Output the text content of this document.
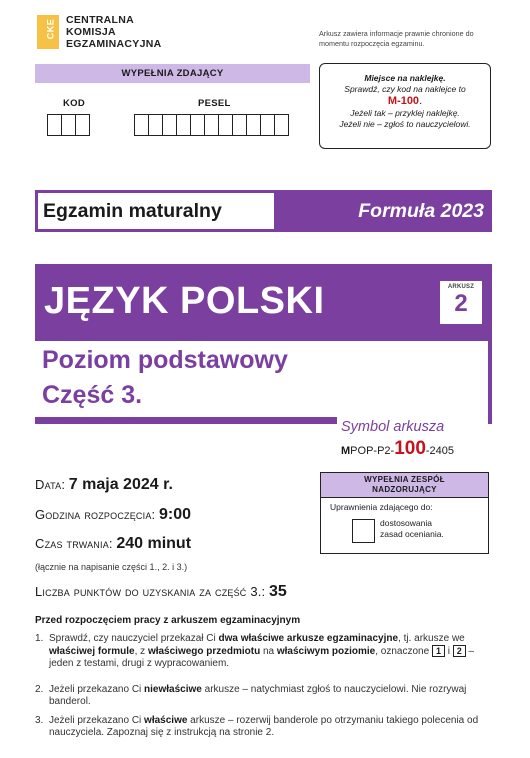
CKE CENTRALNA
KOMISJA
EGZAMINACYJNA
Arkusz zawiera informacje prawnie chronione do momentu rozpoczęcia egzaminu.
WYPEŁNIA ZDAJĄCY
KOD	PESEL
Miejsce na naklejkę.
Sprawdź, czy kod na naklejce to
M-100.
Jeżeli tak – przyklej naklejkę.
Jeżeli nie – zgłoś to nauczycielowi.
Egzamin maturalny	Formuła 2023
JĘZYK POLSKI	ARKUSZ
2
Poziom podstawowy
Część 3.
Symbol arkusza
MPOP-P2-100-2405
Data: 7 maja 2024 r.
Godzina rozpoczęcia: 9:00
Czas trwania: 240 minut
(łącznie na napisanie części 1., 2. i 3.)
Liczba punktów do uzyskania za część 3.: 35
WYPEŁNIA ZESPÓŁ
NADZORUJĄCY
Uprawnienia zdającego do:
dostosowania
zasad oceniania.
Przed rozpoczęciem pracy z arkuszem egzaminacyjnym
1. Sprawdź, czy nauczyciel przekazał Ci dwa właściwe arkusze egzaminacyjne, tj. arkusze we właściwej formule, z właściwego przedmiotu na właściwym poziomie, oznaczone 1 i 2 – jeden z testami, drugi z wypracowaniem.
2. Jeżeli przekazano Ci niewłaściwe arkusze – natychmiast zgłoś to nauczycielowi. Nie rozrywaj banderol.
3. Jeżeli przekazano Ci właściwe arkusze – rozerwij banderole po otrzymaniu takiego polecenia od nauczyciela. Zapoznaj się z instrukcją na stronie 2.
